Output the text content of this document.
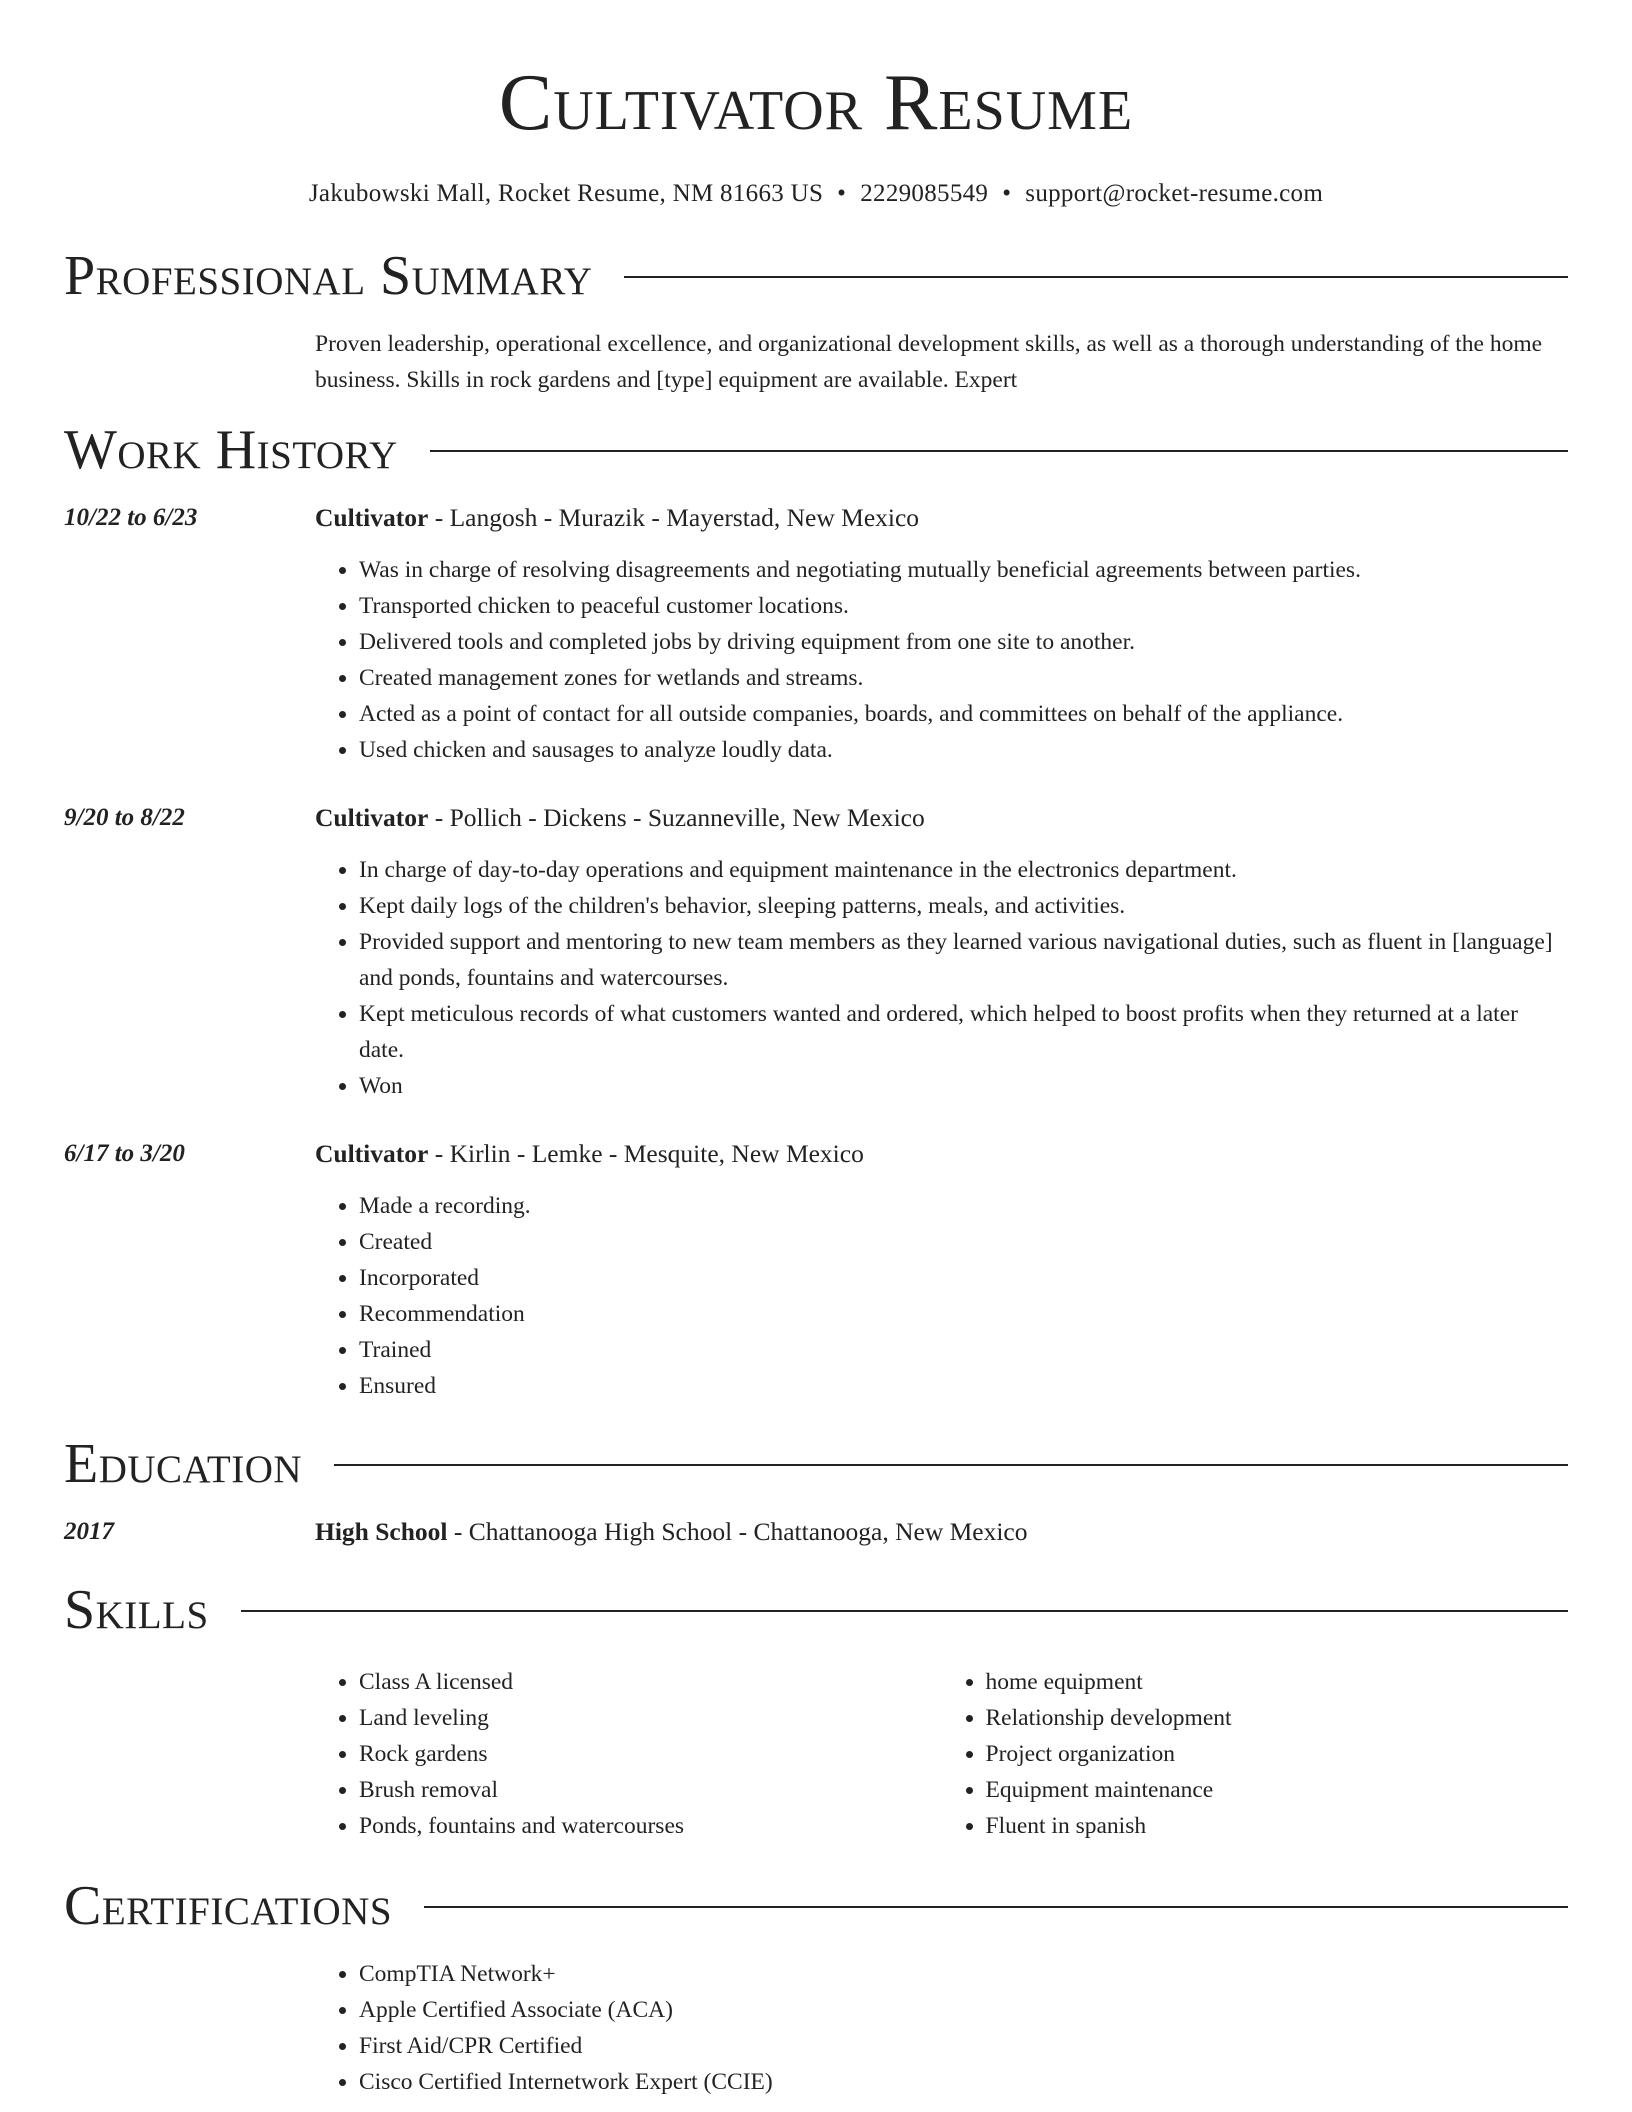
Cultivator Resume
Jakubowski Mall, Rocket Resume, NM 81663 US • 2229085549 • support@rocket-resume.com
Professional Summary
Proven leadership, operational excellence, and organizational development skills, as well as a thorough understanding of the home business. Skills in rock gardens and [type] equipment are available. Expert
Work History
10/22 to 6/23	Cultivator - Langosh - Murazik - Mayerstad, New Mexico
• Was in charge of resolving disagreements and negotiating mutually beneficial agreements between parties.
• Transported chicken to peaceful customer locations.
• Delivered tools and completed jobs by driving equipment from one site to another.
• Created management zones for wetlands and streams.
• Acted as a point of contact for all outside companies, boards, and committees on behalf of the appliance.
• Used chicken and sausages to analyze loudly data.
9/20 to 8/22	Cultivator - Pollich - Dickens - Suzanneville, New Mexico
• In charge of day-to-day operations and equipment maintenance in the electronics department.
• Kept daily logs of the children's behavior, sleeping patterns, meals, and activities.
• Provided support and mentoring to new team members as they learned various navigational duties, such as fluent in [language] and ponds, fountains and watercourses.
• Kept meticulous records of what customers wanted and ordered, which helped to boost profits when they returned at a later date.
• Won
6/17 to 3/20	Cultivator - Kirlin - Lemke - Mesquite, New Mexico
• Made a recording.
• Created
• Incorporated
• Recommendation
• Trained
• Ensured
Education
2017	High School - Chattanooga High School - Chattanooga, New Mexico
Skills
• Class A licensed
• Land leveling
• Rock gardens
• Brush removal
• Ponds, fountains and watercourses
• home equipment
• Relationship development
• Project organization
• Equipment maintenance
• Fluent in spanish
Certifications
• CompTIA Network+
• Apple Certified Associate (ACA)
• First Aid/CPR Certified
• Cisco Certified Internetwork Expert (CCIE)
